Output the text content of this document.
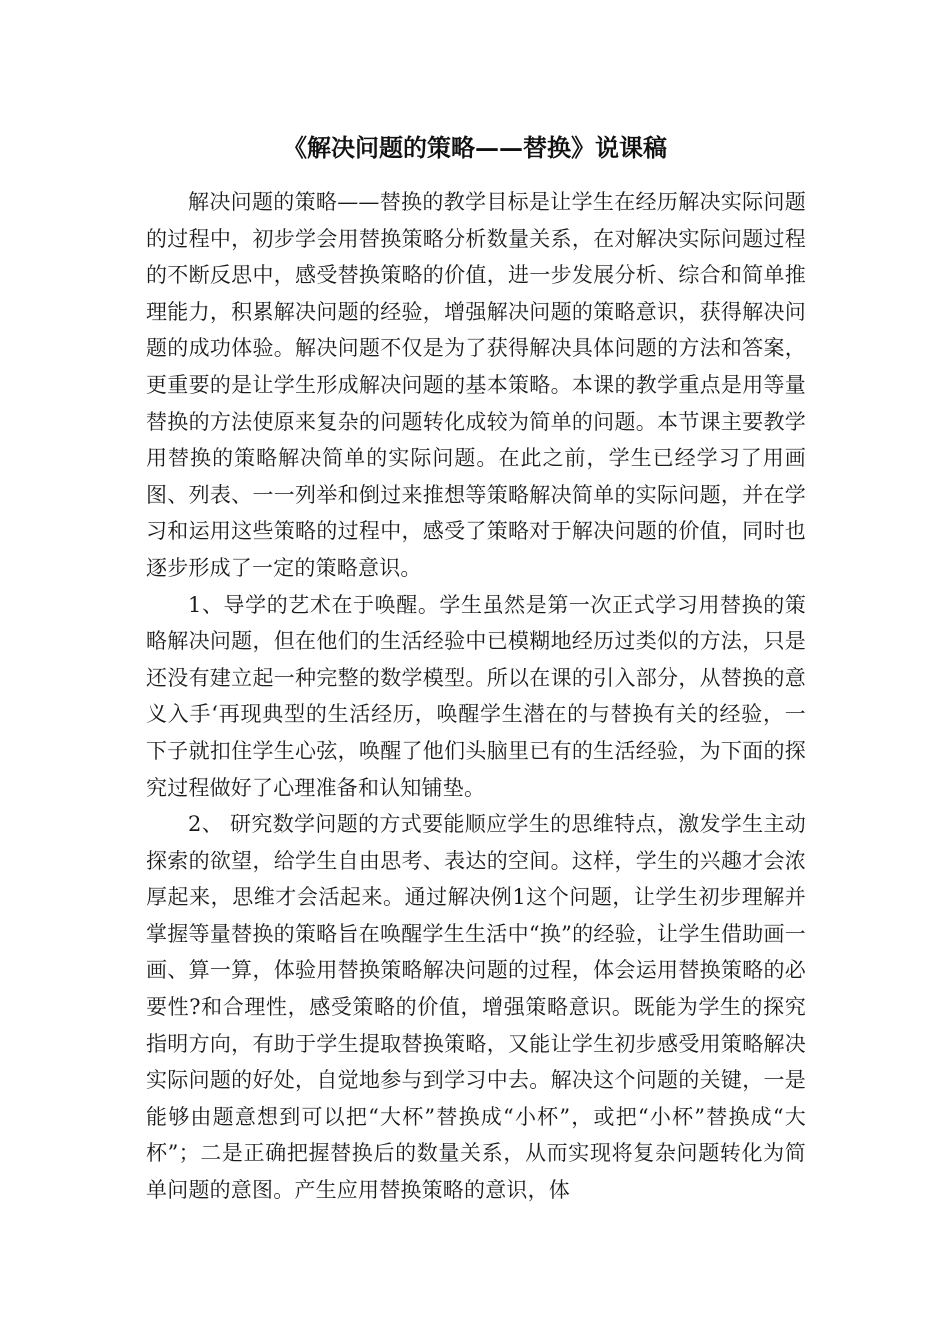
《解决问题的策略——替换》说课稿

解决问题的策略——替换的教学目标是让学生在经历解决实际问题的过程中，初步学会用替换策略分析数量关系，在对解决实际问题过程的不断反思中，感受替换策略的价值，进一步发展分析、综合和简单推理能力，积累解决问题的经验，增强解决问题的策略意识，获得解决问题的成功体验。解决问题不仅是为了获得解决具体问题的方法和答案，更重要的是让学生形成解决问题的基本策略。本课的教学重点是用等量替换的方法使原来复杂的问题转化成较为简单的问题。本节课主要教学用替换的策略解决简单的实际问题。在此之前，学生已经学习了用画图、列表、一一列举和倒过来推想等策略解决简单的实际问题，并在学习和运用这些策略的过程中，感受了策略对于解决问题的价值，同时也逐步形成了一定的策略意识。

1、导学的艺术在于唤醒。学生虽然是第一次正式学习用替换的策略解决问题，但在他们的生活经验中已模糊地经历过类似的方法，只是还没有建立起一种完整的数学模型。所以在课的引入部分，从替换的意义入手‘再现典型的生活经历，唤醒学生潜在的与替换有关的经验，一下子就扣住学生心弦，唤醒了他们头脑里已有的生活经验，为下面的探究过程做好了心理准备和认知铺垫。

2、 研究数学问题的方式要能顺应学生的思维特点，激发学生主动探索的欲望，给学生自由思考、表达的空间。这样，学生的兴趣才会浓厚起来，思维才会活起来。通过解决例1这个问题，让学生初步理解并掌握等量替换的策略旨在唤醒学生生活中“换”的经验，让学生借助画一画、算一算，体验用替换策略解决问题的过程，体会运用替换策略的必要性?和合理性，感受策略的价值，增强策略意识。既能为学生的探究指明方向，有助于学生提取替换策略，又能让学生初步感受用策略解决实际问题的好处，自觉地参与到学习中去。解决这个问题的关键，一是能够由题意想到可以把“大杯”替换成“小杯”，或把“小杯”替换成“大杯”；二是正确把握替换后的数量关系，从而实现将复杂问题转化为简单问题的意图。产生应用替换策略的意识，体
